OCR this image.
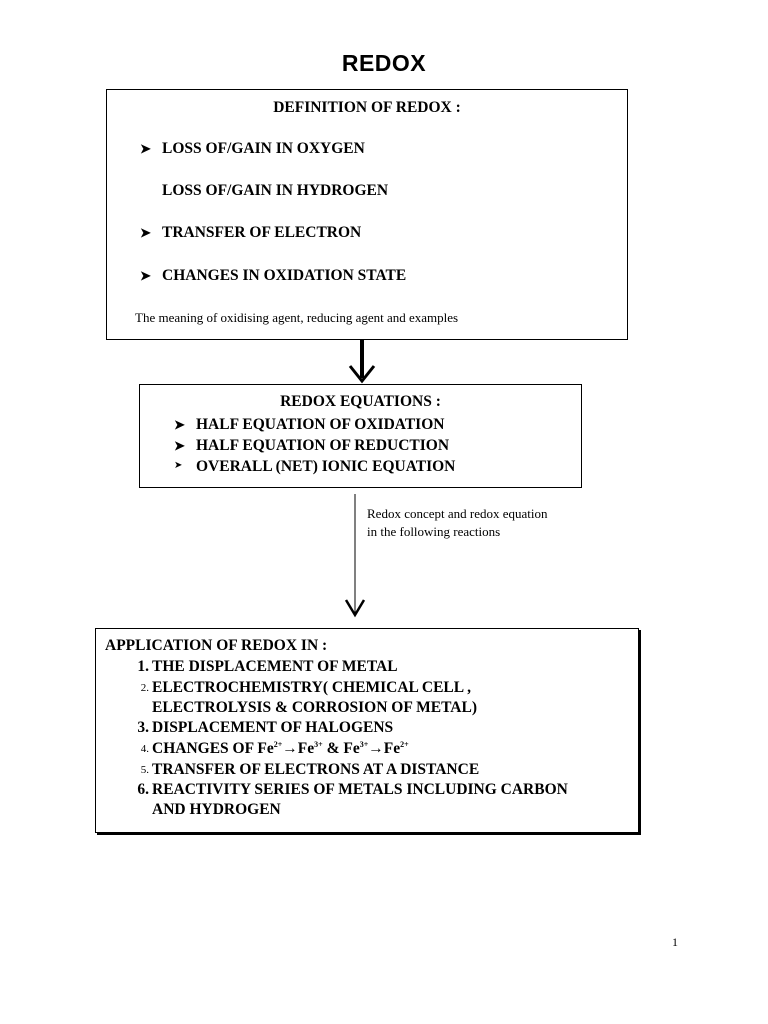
REDOX
DEFINITION OF REDOX :
➤ LOSS OF/GAIN IN OXYGEN
LOSS OF/GAIN IN HYDROGEN
➤ TRANSFER OF ELECTRON
➤ CHANGES IN OXIDATION STATE
The meaning of oxidising agent, reducing agent and examples
REDOX EQUATIONS :
➤ HALF EQUATION OF OXIDATION
➤ HALF EQUATION OF REDUCTION
➤ OVERALL (NET) IONIC EQUATION
Redox concept and redox equation
in the following reactions
APPLICATION OF REDOX IN :
1. THE DISPLACEMENT OF METAL
2. ELECTROCHEMISTRY( CHEMICAL CELL ,
ELECTROLYSIS & CORROSION OF METAL)
3. DISPLACEMENT OF HALOGENS
4. CHANGES OF $Fe^{2+}\to Fe^{3+}$ & $Fe^{3+}\to Fe^{2+}$
5. TRANSFER OF ELECTRONS AT A DISTANCE
6. REACTIVITY SERIES OF METALS INCLUDING CARBON
AND HYDROGEN
1
